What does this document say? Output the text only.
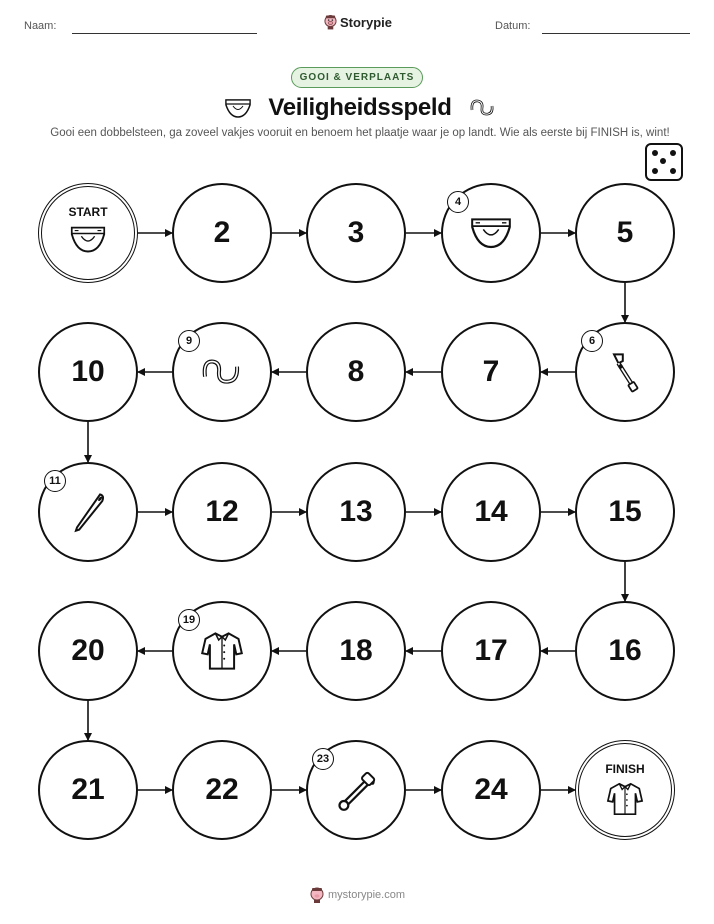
Naam:	Storypie	Datum:
GOOI & VERPLAATS
Veiligheidsspeld
Gooi een dobbelsteen, ga zoveel vakjes vooruit en benoem het plaatje waar je op landt. Wie als eerste bij FINISH is, wint!
START
2	3
4
5
6
7
8
9
10
11
12	13	14	15
16
17
18
19
20
21	22
23
24
FINISH
mystorypie.com
